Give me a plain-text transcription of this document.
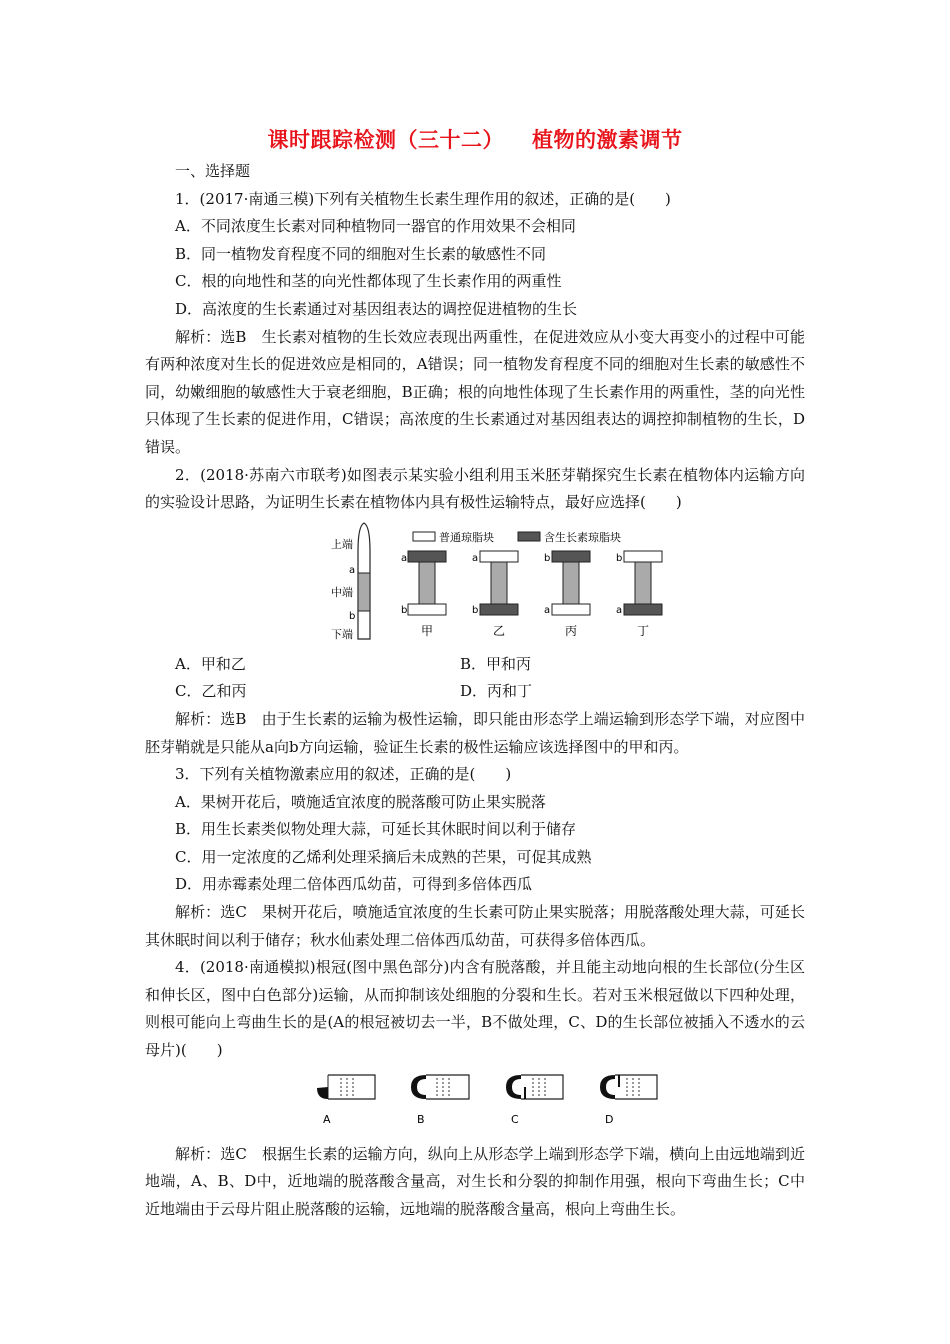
课时跟踪检测（三十二） 植物的激素调节

一、选择题

1．(2017·南通三模)下列有关植物生长素生理作用的叙述，正确的是(　　)

A．不同浓度生长素对同种植物同一器官的作用效果不会相同

B．同一植物发育程度不同的细胞对生长素的敏感性不同

C．根的向地性和茎的向光性都体现了生长素作用的两重性

D．高浓度的生长素通过对基因组表达的调控促进植物的生长

解析：选B　生长素对植物的生长效应表现出两重性，在促进效应从小变大再变小的过程中可能有两种浓度对生长的促进效应是相同的，A错误；同一植物发育程度不同的细胞对生长素的敏感性不同，幼嫩细胞的敏感性大于衰老细胞，B正确；根的向地性体现了生长素作用的两重性，茎的向光性只体现了生长素的促进作用，C错误；高浓度的生长素通过对基因组表达的调控抑制植物的生长，D错误。

2．(2018·苏南六市联考)如图表示某实验小组利用玉米胚芽鞘探究生长素在植物体内运输方向的实验设计思路，为证明生长素在植物体内具有极性运输特点，最好应选择(　　)

普通琼脂块	含生长素琼脂块
上端
a
中端
b
下端
a
b
甲
a
b
乙
b
a
丙
b
a
丁
A．甲和乙	B．甲和丙
C．乙和丙	D．丙和丁

解析：选B　由于生长素的运输为极性运输，即只能由形态学上端运输到形态学下端，对应图中胚芽鞘就是只能从a向b方向运输，验证生长素的极性运输应该选择图中的甲和丙。

3．下列有关植物激素应用的叙述，正确的是(　　)

A．果树开花后，喷施适宜浓度的脱落酸可防止果实脱落

B．用生长素类似物处理大蒜，可延长其休眠时间以利于储存

C．用一定浓度的乙烯利处理采摘后未成熟的芒果，可促其成熟

D．用赤霉素处理二倍体西瓜幼苗，可得到多倍体西瓜

解析：选C　果树开花后，喷施适宜浓度的生长素可防止果实脱落；用脱落酸处理大蒜，可延长其休眠时间以利于储存；秋水仙素处理二倍体西瓜幼苗，可获得多倍体西瓜。

4．(2018·南通模拟)根冠(图中黑色部分)内含有脱落酸，并且能主动地向根的生长部位(分生区和伸长区，图中白色部分)运输，从而抑制该处细胞的分裂和生长。若对玉米根冠做以下四种处理，则根可能向上弯曲生长的是(A的根冠被切去一半，B不做处理，C、D的生长部位被插入不透水的云母片)(　　)

A	B	C	D

解析：选C　根据生长素的运输方向，纵向上从形态学上端到形态学下端，横向上由远地端到近地端，A、B、D中，近地端的脱落酸含量高，对生长和分裂的抑制作用强，根向下弯曲生长；C中近地端由于云母片阻止脱落酸的运输，远地端的脱落酸含量高，根向上弯曲生长。
